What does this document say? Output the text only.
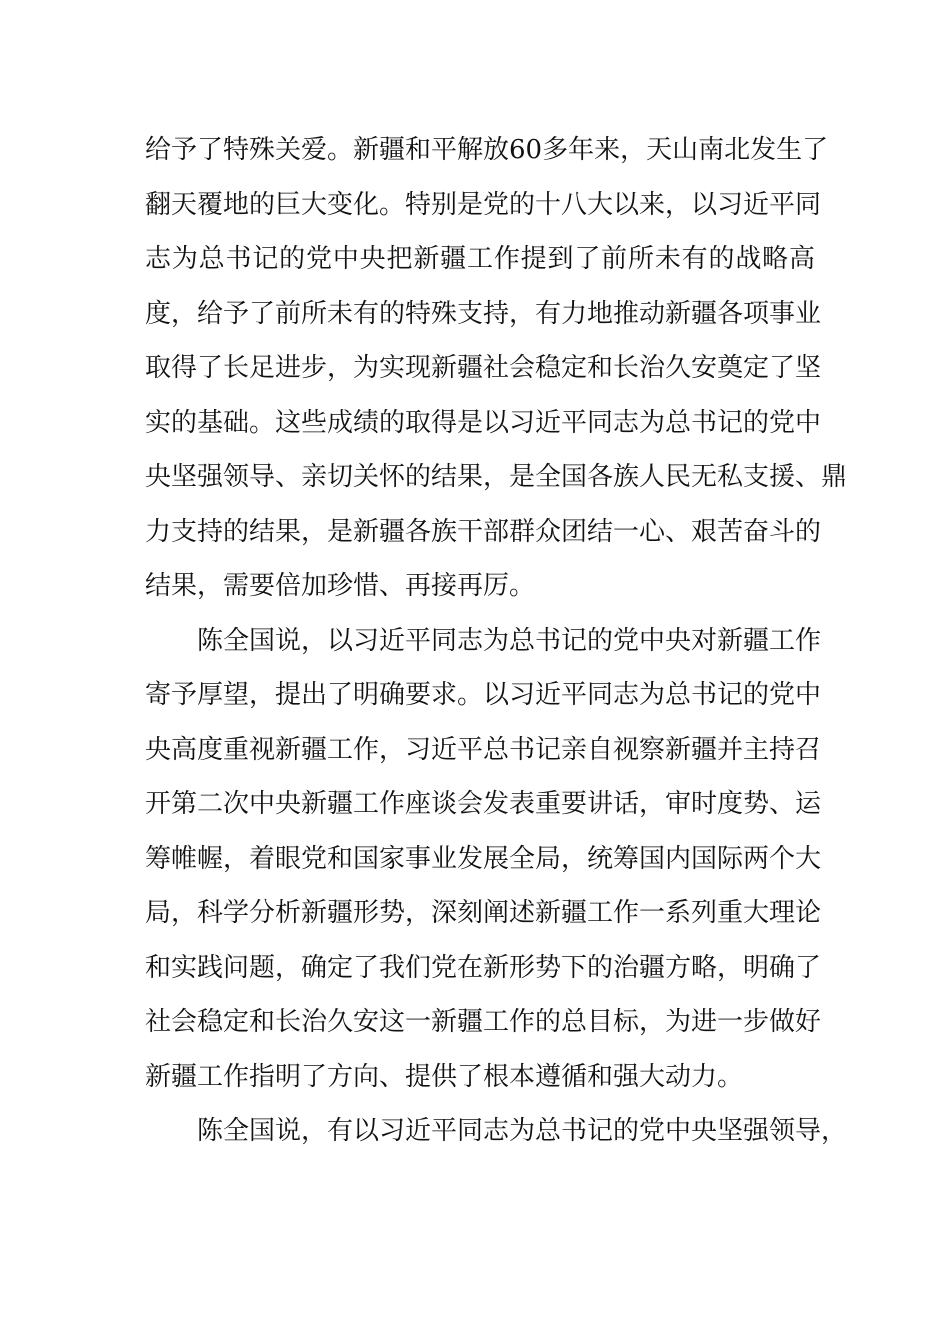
给予了特殊关爱。新疆和平解放60多年来，天山南北发生了
翻天覆地的巨大变化。特别是党的十八大以来，以习近平同
志为总书记的党中央把新疆工作提到了前所未有的战略高
度，给予了前所未有的特殊支持，有力地推动新疆各项事业
取得了长足进步，为实现新疆社会稳定和长治久安奠定了坚
实的基础。这些成绩的取得是以习近平同志为总书记的党中
央坚强领导、亲切关怀的结果，是全国各族人民无私支援、鼎
力支持的结果，是新疆各族干部群众团结一心、艰苦奋斗的
结果，需要倍加珍惜、再接再厉。
陈全国说，以习近平同志为总书记的党中央对新疆工作
寄予厚望，提出了明确要求。以习近平同志为总书记的党中
央高度重视新疆工作，习近平总书记亲自视察新疆并主持召
开第二次中央新疆工作座谈会发表重要讲话，审时度势、运
筹帷幄，着眼党和国家事业发展全局，统筹国内国际两个大
局，科学分析新疆形势，深刻阐述新疆工作一系列重大理论
和实践问题，确定了我们党在新形势下的治疆方略，明确了
社会稳定和长治久安这一新疆工作的总目标，为进一步做好
新疆工作指明了方向、提供了根本遵循和强大动力。
陈全国说，有以习近平同志为总书记的党中央坚强领导，
